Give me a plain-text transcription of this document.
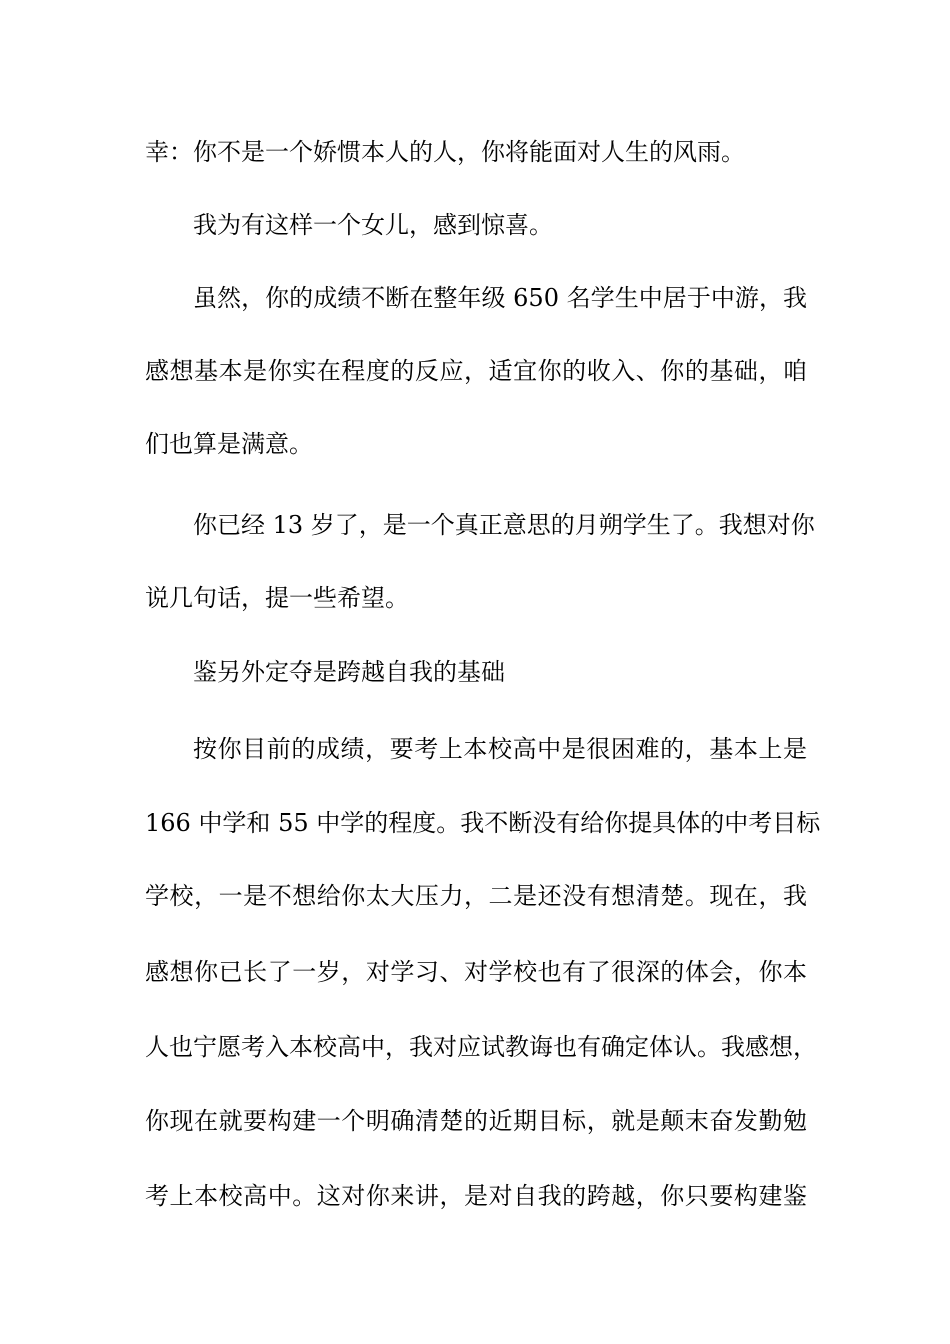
幸：你不是一个娇惯本人的人，你将能面对人生的风雨。
我为有这样一个女儿，感到惊喜。
虽然，你的成绩不断在整年级 650 名学生中居于中游，我
感想基本是你实在程度的反应，适宜你的收入、你的基础，咱
们也算是满意。
你已经 13 岁了，是一个真正意思的月朔学生了。我想对你
说几句话，提一些希望。
鉴另外定夺是跨越自我的基础
按你目前的成绩，要考上本校高中是很困难的，基本上是
166 中学和 55 中学的程度。我不断没有给你提具体的中考目标
学校，一是不想给你太大压力，二是还没有想清楚。现在，我
感想你已长了一岁，对学习、对学校也有了很深的体会，你本
人也宁愿考入本校高中，我对应试教诲也有确定体认。我感想，
你现在就要构建一个明确清楚的近期目标，就是颠末奋发勤勉
考上本校高中。这对你来讲，是对自我的跨越，你只要构建鉴
